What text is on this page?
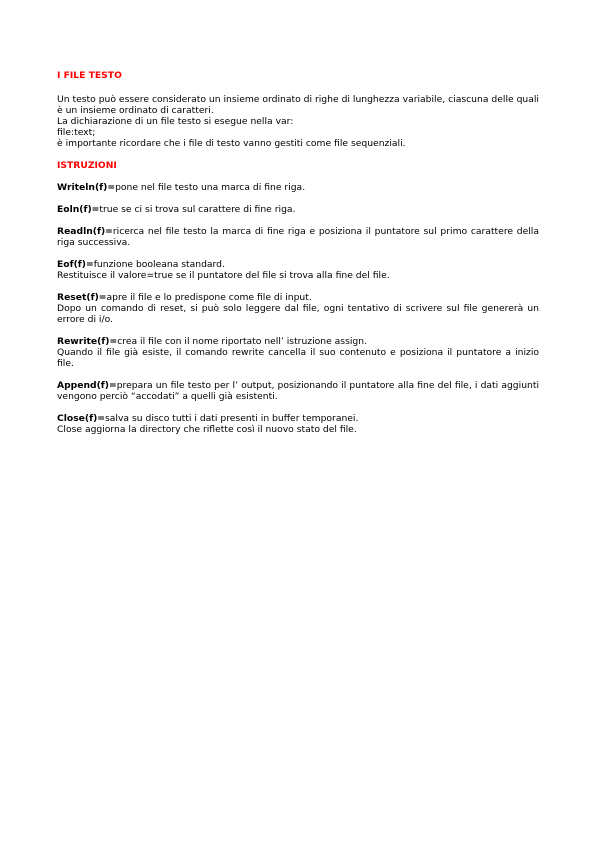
I FILE TESTO
Un testo può essere considerato un insieme ordinato di righe di lunghezza variabile, ciascuna delle quali è un insieme ordinato di caratteri.
La dichiarazione di un file testo si esegue nella var:
file:text;
è importante ricordare che i file di testo vanno gestiti come file sequenziali.
ISTRUZIONI
Writeln(f)=pone nel file testo una marca di fine riga.
Eoln(f)=true se ci si trova sul carattere di fine riga.
Readln(f)=ricerca nel file testo la marca di fine riga e posiziona il puntatore sul primo carattere della riga successiva.
Eof(f)=funzione booleana standard.
Restituisce il valore=true se il puntatore del file si trova alla fine del file.
Reset(f)=apre il file e lo predispone come file di input.
Dopo un comando di reset, si può solo leggere dal file, ogni tentativo di scrivere sul file genererà un errore di i/o.
Rewrite(f)=crea il file con il nome riportato nell’ istruzione assign.
Quando il file già esiste, il comando rewrite cancella il suo contenuto e posiziona il puntatore a inizio file.
Append(f)=prepara un file testo per l’ output, posizionando il puntatore alla fine del file, i dati aggiunti vengono perciò “accodati” a quelli già esistenti.
Close(f)=salva su disco tutti i dati presenti in buffer temporanei.
Close aggiorna la directory che riflette così il nuovo stato del file.
